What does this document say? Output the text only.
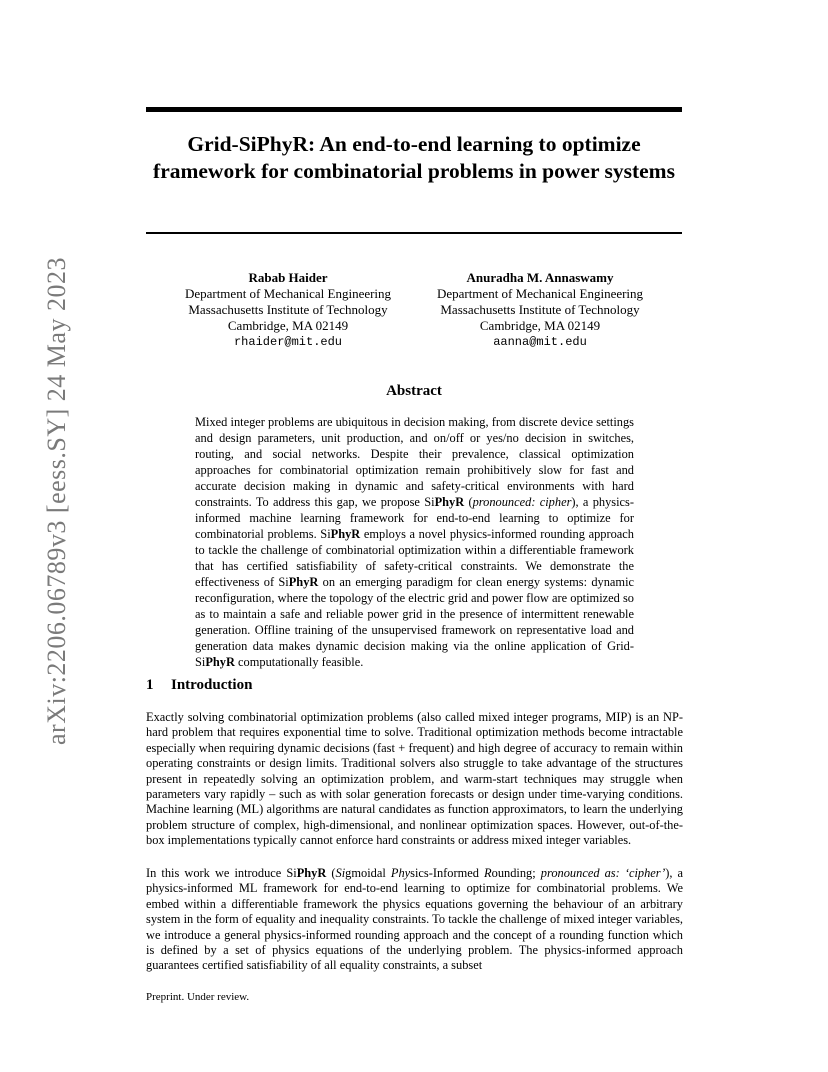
Grid-SiPhyR: An end-to-end learning to optimize framework for combinatorial problems in power systems
arXiv:2206.06789v3 [eess.SY] 24 May 2023	Rabab Haider
Department of Mechanical Engineering
Massachusetts Institute of Technology
Cambridge, MA 02149
rhaider@mit.edu
Anuradha M. Annaswamy
Department of Mechanical Engineering
Massachusetts Institute of Technology
Cambridge, MA 02149
aanna@mit.edu
Abstract

Mixed integer problems are ubiquitous in decision making, from discrete device settings and design parameters, unit production, and on/off or yes/no decision in switches, routing, and social networks. Despite their prevalence, classical optimization approaches for combinatorial optimization remain prohibitively slow for fast and accurate decision making in dynamic and safety-critical environments with hard constraints. To address this gap, we propose SiPhyR (pronounced: cipher), a physics-informed machine learning framework for end-to-end learning to optimize for combinatorial problems. SiPhyR employs a novel physics-informed rounding approach to tackle the challenge of combinatorial optimization within a differentiable framework that has certified satisfiability of safety-critical constraints. We demonstrate the effectiveness of SiPhyR on an emerging paradigm for clean energy systems: dynamic reconfiguration, where the topology of the electric grid and power flow are optimized so as to maintain a safe and reliable power grid in the presence of intermittent renewable generation. Offline training of the unsupervised framework on representative load and generation data makes dynamic decision making via the online application of Grid-SiPhyR computationally feasible.

1 Introduction

Exactly solving combinatorial optimization problems (also called mixed integer programs, MIP) is an NP-hard problem that requires exponential time to solve. Traditional optimization methods become intractable especially when requiring dynamic decisions (fast + frequent) and high degree of accuracy to remain within operating constraints or design limits. Traditional solvers also struggle to take advantage of the structures present in repeatedly solving an optimization problem, and warm-start techniques may struggle when parameters vary rapidly – such as with solar generation forecasts or design under time-varying conditions. Machine learning (ML) algorithms are natural candidates as function approximators, to learn the underlying problem structure of complex, high-dimensional, and nonlinear optimization spaces. However, out-of-the-box implementations typically cannot enforce hard constraints or address mixed integer variables.

In this work we introduce SiPhyR (Sigmoidal Physics-Informed Rounding; pronounced as: ‘cipher’), a physics-informed ML framework for end-to-end learning to optimize for combinatorial problems. We embed within a differentiable framework the physics equations governing the behaviour of an arbitrary system in the form of equality and inequality constraints. To tackle the challenge of mixed integer variables, we introduce a general physics-informed rounding approach and the concept of a rounding function which is defined by a set of physics equations of the underlying problem. The physics-informed approach guarantees certified satisfiability of all equality constraints, a subset

Preprint. Under review.
